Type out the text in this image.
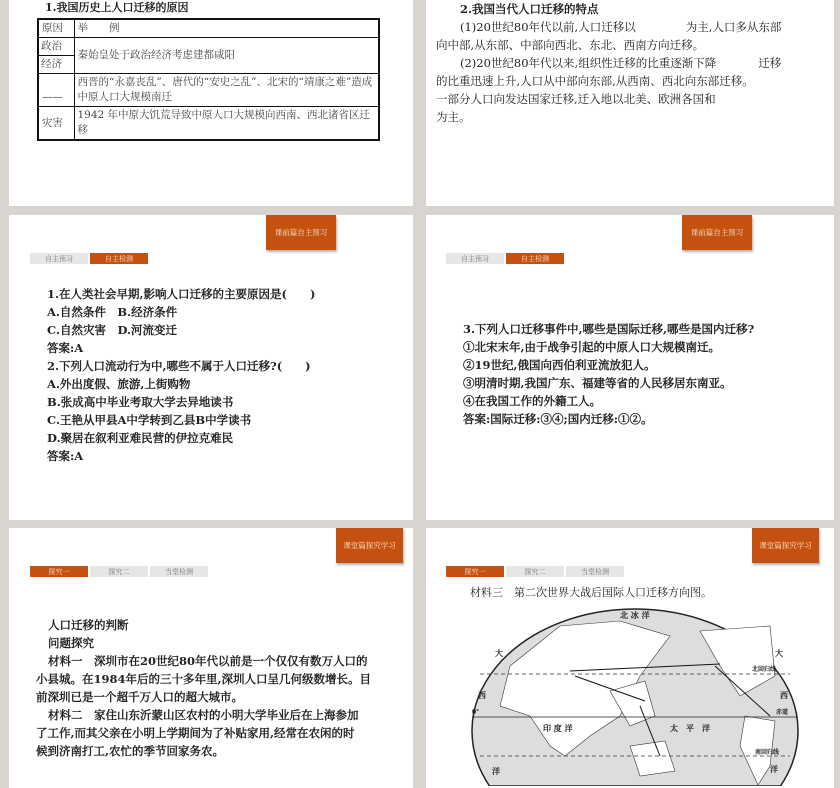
1.我国历史上人口迁移的原因
原因	举　　例

政治
经济	秦始皇处于政治经济考虑建都咸阳
——	西晋的“永嘉丧乱”、唐代的“安史之乱”、北宋的“靖康之难”造成中原人口大规模南迁
灾害	1942 年中原大饥荒导致中原人口大规模向西南、西北诸省区迁移

2.我国当代人口迁移的特点

(1)20世纪80年代以前,人口迁移以	为主,人口多从东部

向中部,从东部、中部向西北、东北、西南方向迁移。

(2)20世纪80年代以来,组织性迁移的比重逐渐下降	迁移

的比重迅速上升,人口从中部向东部,从西南、西北向东部迁移。

一部分人口向发达国家迁移,迁入地以北美、欧洲各国和

为主。

课前篇自主预习
自主预习	自主检测

1.在人类社会早期,影响人口迁移的主要原因是(　　)

A.自然条件　B.经济条件

C.自然灾害　D.河流变迁

答案:A

2.下列人口流动行为中,哪些不属于人口迁移?(　　)

A.外出度假、旅游,上街购物

B.张成高中毕业考取大学去异地读书

C.王艳从甲县A中学转到乙县B中学读书

D.聚居在叙利亚难民营的伊拉克难民

答案:A

课前篇自主预习
自主预习	自主检测

3.下列人口迁移事件中,哪些是国际迁移,哪些是国内迁移?

①北宋末年,由于战争引起的中原人口大规模南迁。

②19世纪,俄国向西伯利亚流放犯人。

③明清时期,我国广东、福建等省的人民移居东南亚。

④在我国工作的外籍工人。

答案:国际迁移:③④;国内迁移:①②。

课堂篇探究学习
探究一	探究二	当堂检测

人口迁移的判断

问题探究

材料一　深圳市在20世纪80年代以前是一个仅仅有数万人口的

小县城。在1984年后的三十多年里,深圳人口呈几何级数增长。目

前深圳已是一个超千万人口的超大城市。

材料二　家住山东沂蒙山区农村的小明大学毕业后在上海参加

了工作,而其父亲在小明上学期间为了补贴家用,经常在农闲的时

候到济南打工,农忙的季节回家务农。

课堂篇探究学习
探究一	探究二	当堂检测
材料三　第二次世界大战后国际人口迁移方向图。
北 冰 洋
大
西
洋
大
西
洋
印 度 洋	太　平　洋
北回归线
赤道
南回归线
0°
